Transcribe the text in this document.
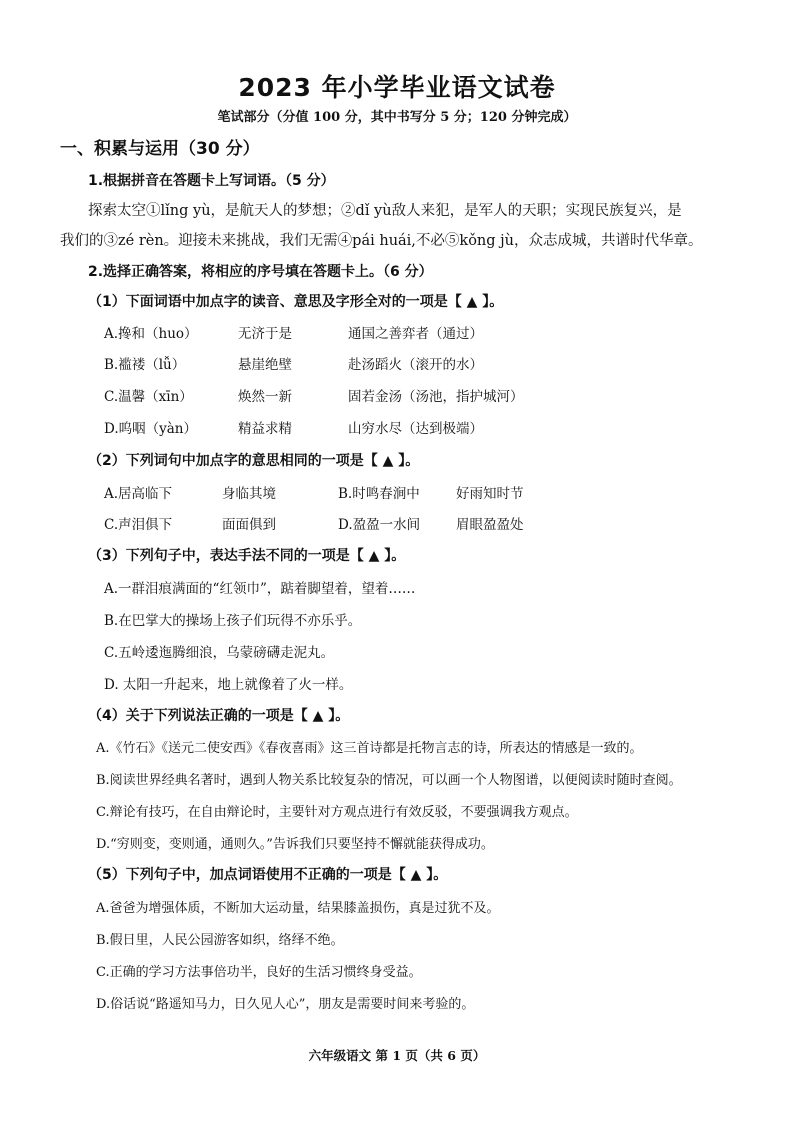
2023 年小学毕业语文试卷
笔试部分（分值 100 分，其中书写分 5 分；120 分钟完成）
一、积累与运用（30 分）
1.根据拼音在答题卡上写词语。（5 分）
探索太空①lǐng yù，是航天人的梦想；②dǐ yù敌人来犯，是军人的天职；实现民族复兴，是
我们的③zé rèn。迎接未来挑战，我们无需④pái huái,不必⑤kǒng jù，众志成城，共谱时代华章。
2.选择正确答案，将相应的序号填在答题卡上。（6 分）
（1）下面词语中加点字的读音、意思及字形全对的一项是【 ▲ 】。
A.搀和（huo）	无济于是	通国之善弈者（通过）
B.褴褛（lǚ）	悬崖绝壁	赴汤蹈火（滚开的水）
C.温馨（xīn）	焕然一新	固若金汤（汤池，指护城河）
D.呜咽（yàn）	精益求精	山穷水尽（达到极端）
（2）下列词句中加点字的意思相同的一项是【 ▲ 】。
A.居高临下	身临其境	B.时鸣春涧中	好雨知时节
C.声泪俱下	面面俱到	D.盈盈一水间	眉眼盈盈处
（3）下列句子中，表达手法不同的一项是【 ▲ 】。
A.一群泪痕满面的“红领巾”，踮着脚望着，望着……
B.在巴掌大的操场上孩子们玩得不亦乐乎。
C.五岭逶迤腾细浪，乌蒙磅礴走泥丸。
D. 太阳一升起来，地上就像着了火一样。
（4）关于下列说法正确的一项是【 ▲ 】。
A.《竹石》《送元二使安西》《春夜喜雨》这三首诗都是托物言志的诗，所表达的情感是一致的。
B.阅读世界经典名著时，遇到人物关系比较复杂的情况，可以画一个人物图谱，以便阅读时随时查阅。
C.辩论有技巧，在自由辩论时，主要针对方观点进行有效反驳，不要强调我方观点。
D.“穷则变，变则通，通则久。”告诉我们只要坚持不懈就能获得成功。
（5）下列句子中，加点词语使用不正确的一项是【 ▲ 】。
A.爸爸为增强体质，不断加大运动量，结果膝盖损伤，真是过犹不及。
B.假日里，人民公园游客如织，络绎不绝。
C.正确的学习方法事倍功半，良好的生活习惯终身受益。
D.俗话说“路遥知马力，日久见人心”，朋友是需要时间来考验的。
六年级语文 第 1 页（共 6 页）
